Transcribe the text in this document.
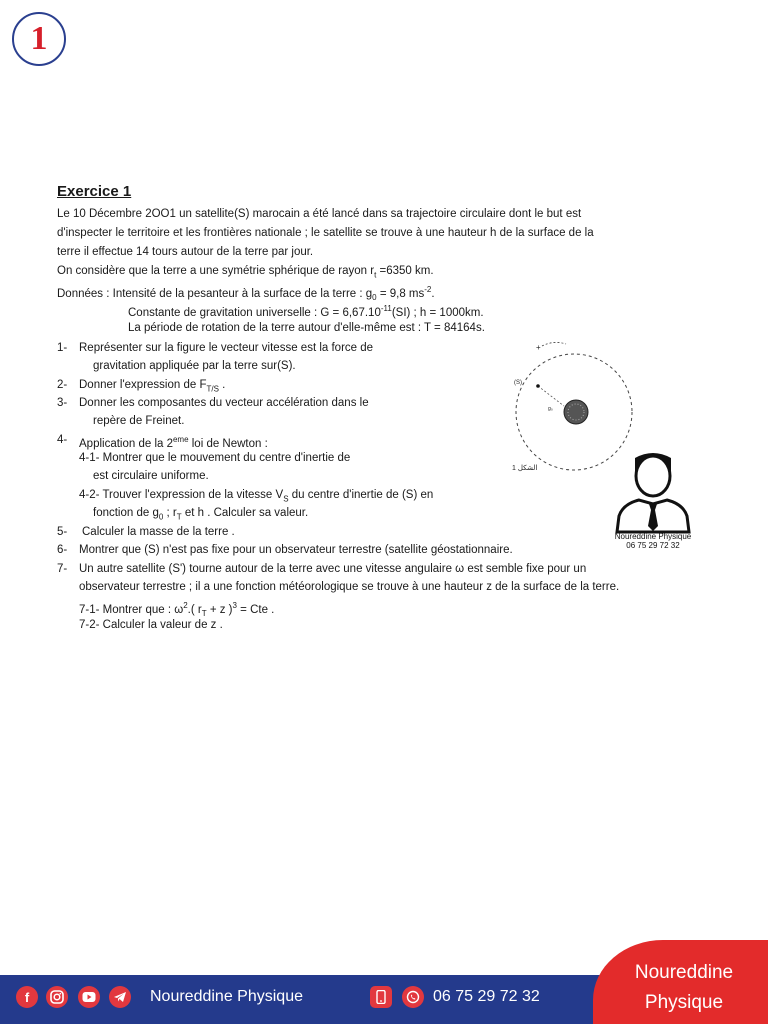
1
Exercice 1
Le 10 Décembre 2OO1 un satellite(S) marocain a été lancé dans sa trajectoire circulaire dont le but est
d'inspecter le territoire et les frontières nationale ; le satellite se trouve à une hauteur h de la surface de la
terre il effectue 14 tours autour de la terre par jour.
On considère que la terre a une symétrie sphérique de rayon $r_t =6350$ km.
Données : Intensité de la pesanteur à la surface de la terre : $g_0 = 9,8$ $ms^{-2}$.
Constante de gravitation universelle : $G = 6,67.10^{-11}(SI)$ ; h = 1000km.
La période de rotation de la terre autour d'elle-même est : T = 84164s.
1- Représenter sur la figure le vecteur vitesse est la force de
gravitation appliquée par la terre sur(S).
2- Donner l'expression de $F_{T/S}$ .
3- Donner les composantes du vecteur accélération dans le
repère de Freinet.
4- Application de la 2eme loi de Newton :
4-1- Montrer que le mouvement du centre d'inertie de
est circulaire uniforme.
4-2- Trouver l'expression de la vitesse $V_S$ du centre d'inertie de (S) en
fonction de $g_0$ ; $r_T$ et h . Calculer sa valeur.
5- Calculer la masse de la terre .
6- Montrer que (S) n'est pas fixe pour un observateur terrestre (satellite géostationnaire.
7- Un autre satellite (S') tourne autour de la terre avec une vitesse angulaire ω est semble fixe pour un
observateur terrestre ; il a une fonction météorologique se trouve à une hauteur z de la surface de la terre.
7-1- Montrer que : $\omega^2$.( $r_T + z$ )$^3$ = Cte .
7-2- Calculer la valeur de z .
+
(S)
g₀
الشكل 1
Noureddine Physique
06 75 29 72 32
Noureddine
Physique
f	Noureddine Physique	06 75 29 72 32
